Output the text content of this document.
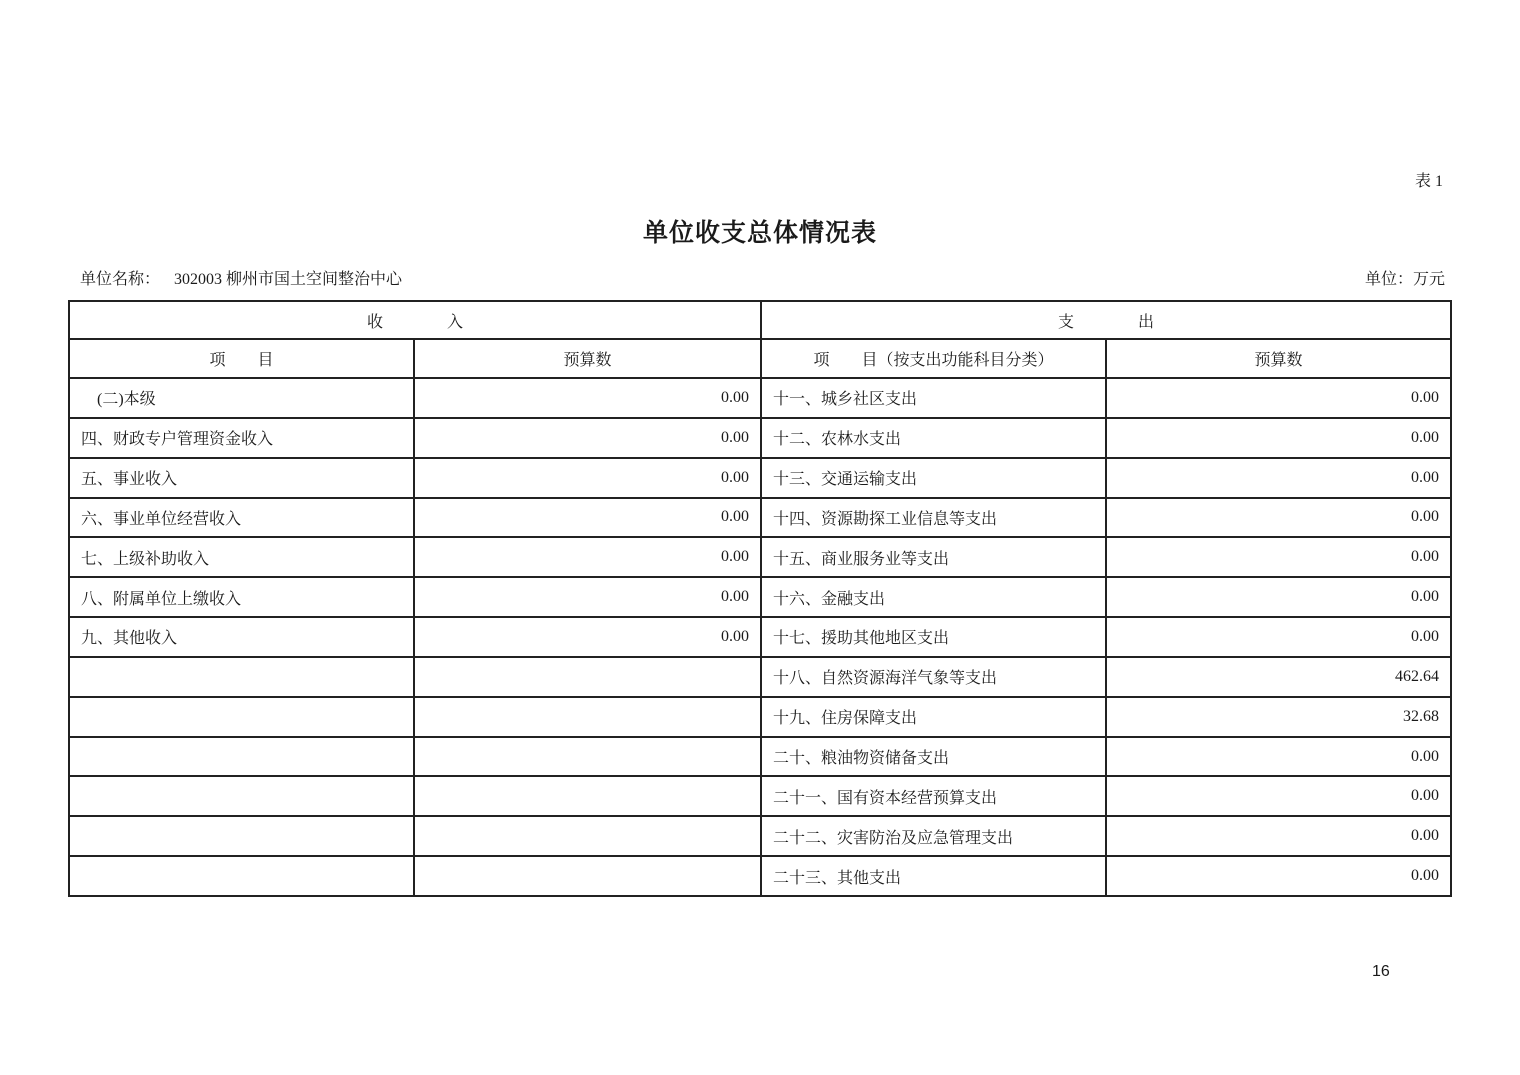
表 1
单位收支总体情况表
单位名称： 302003 柳州市国土空间整治中心	单位：万元
收　　　　入		支　　　　出	
项　　目	预算数	项　　目（按支出功能科目分类）	预算数
　(二)本级	0.00	十一、城乡社区支出	0.00
四、财政专户管理资金收入	0.00	十二、农林水支出	0.00
五、事业收入	0.00	十三、交通运输支出	0.00
六、事业单位经营收入	0.00	十四、资源勘探工业信息等支出	0.00
七、上级补助收入	0.00	十五、商业服务业等支出	0.00
八、附属单位上缴收入	0.00	十六、金融支出	0.00
九、其他收入	0.00	十七、援助其他地区支出	0.00
		十八、自然资源海洋气象等支出	462.64
		十九、住房保障支出	32.68
		二十、粮油物资储备支出	0.00
		二十一、国有资本经营预算支出	0.00
		二十二、灾害防治及应急管理支出	0.00
		二十三、其他支出	0.00
16
